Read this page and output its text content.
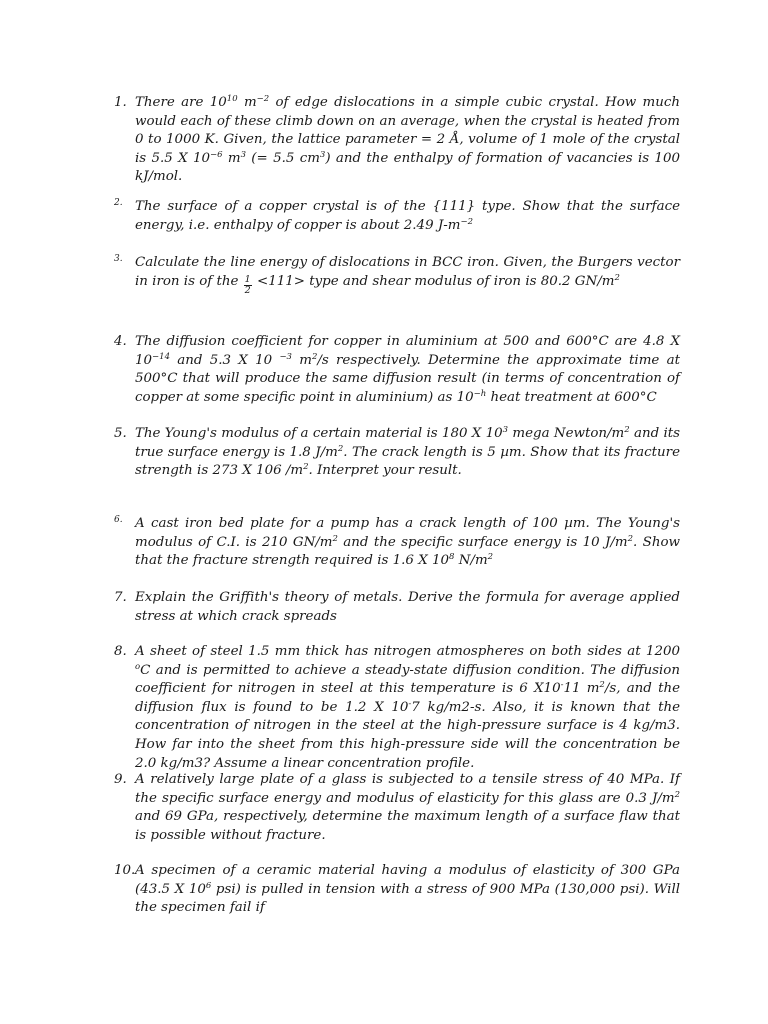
1. There are $10^{10}$ $m^{-2}$ of edge dislocations in a simple cubic crystal. How much would each of these climb down on an average, when the crystal is heated from 0 to 1000 K. Given, the lattice parameter = 2 Å, volume of 1 mole of the crystal is 5.5 X $10^{-6}$ $m^3$ (= 5.5 $cm^3$) and the enthalpy of formation of vacancies is 100 kJ/mol.
2. The surface of a copper crystal is of the {111} type. Show that the surface energy, i.e. enthalpy of copper is about 2.49 $J-m^{-2}$
3. Calculate the line energy of dislocations in BCC iron. Given, the Burgers vector in iron is of the $\frac{1}{2} <111>$ type and shear modulus of iron is 80.2 $GN/m^2$
4. The diffusion coefficient for copper in aluminium at 500 and 600°C are 4.8 X $10^{-14}$ and 5.3 X 10 $^{-3}$ $m^2/s$ respectively. Determine the approximate time at 500°C that will produce the same diffusion result (in terms of concentration of copper at some specific point in aluminium) as $10^{-h}$ heat treatment at 600°C
5. The Young's modulus of a certain material is 180 X $10^3$ mega Newton/$m^2$ and its true surface energy is 1.8 $J/m^2$. The crack length is 5 µm. Show that its fracture strength is 273 X 106 $/m^2$. Interpret your result.
6. A cast iron bed plate for a pump has a crack length of 100 µm. The Young's modulus of C.I. is 210 $GN/m^2$ and the specific surface energy is 10 $J/m^2$. Show that the fracture strength required is 1.6 X $10^8$ $N/m^2$
7. Explain the Griffith's theory of metals. Derive the formula for average applied stress at which crack spreads
8. A sheet of steel 1.5 mm thick has nitrogen atmospheres on both sides at 1200 $^o$C and is permitted to achieve a steady-state diffusion condition. The diffusion coefficient for nitrogen in steel at this temperature is 6 X10-11 $m^2/s$, and the diffusion flux is found to be 1.2 X 10-7 kg/m2-s. Also, it is known that the concentration of nitrogen in the steel at the high-pressure surface is 4 kg/m3. How far into the sheet from this high-pressure side will the concentration be 2.0 kg/m3? Assume a linear concentration profile.
9. A relatively large plate of a glass is subjected to a tensile stress of 40 MPa. If the specific surface energy and modulus of elasticity for this glass are 0.3 $J/m^2$ and 69 GPa, respectively, determine the maximum length of a surface flaw that is possible without fracture.
10. A specimen of a ceramic material having a modulus of elasticity of 300 GPa (43.5 X $10^6$ psi) is pulled in tension with a stress of 900 MPa (130,000 psi). Will the specimen fail if
